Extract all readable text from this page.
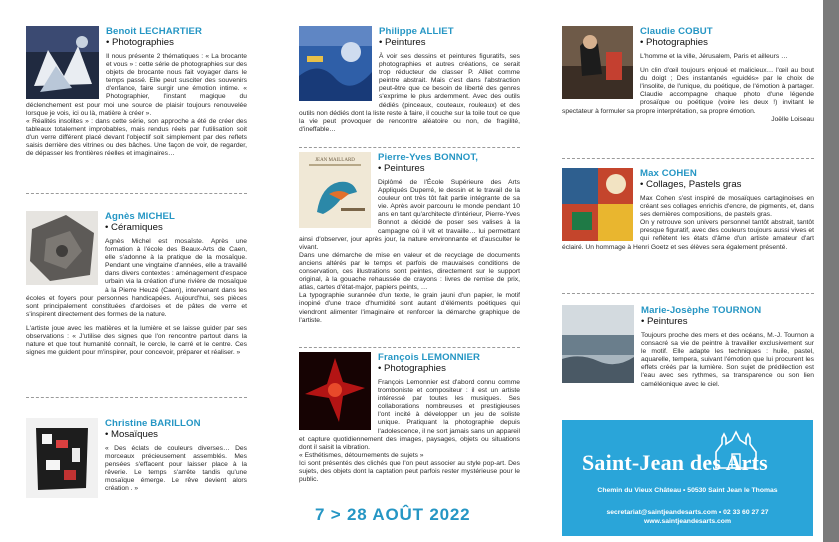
Benoit LECHARTIER
• Photographies

Il nous présente 2 thématiques : « La brocante et vous » : cette série de photographies sur des objets de brocante nous fait voyager dans le temps passé. Elle peut susciter des souvenirs d'enfance, faire surgir une émotion intime. « Photographier, l'instant magique du déclenchement est pour moi une source de plaisir toujours renouvelée lorsque je vois, ici ou là, matière à créer ».

« Réalités insolites » : dans cette série, son approche a été de créer des tableaux totalement improbables, mais rendus réels par l'utilisation soit d'un verre différent placé devant l'objectif soit simplement par des reflets saisis derrière des vitrines ou des bâches. Une façon de voir, de regarder, de dépasser les frontières réelles et imaginaires…

Agnès MICHEL
• Céramiques

Agnès Michel est mosaïste. Après une formation à l'école des Beaux-Arts de Caen, elle s'adonne à la pratique de la mosaïque. Pendant une vingtaine d'années, elle a travaillé dans divers contextes : aménagement d'espace urbain via la création d'une rivière de mosaïque à la Pierre Heuzé (Caen), intervenant dans les écoles et foyers pour personnes handicapées. Aujourd'hui, ses pièces sont principalement constituées d'ardoises et de pâtes de verre et s'inspirent directement des formes de la nature.

L'artiste joue avec les matières et la lumière et se laisse guider par ses observations : « J'utilise des signes que l'on rencontre partout dans la nature et que tout humanité connaît, le cercle, le carré et le centre. Ces signes me guident pour m'inspirer, pour concevoir, préparer et réaliser. »

Christine BARILLON
• Mosaïques

« Des éclats de couleurs diverses… Des morceaux précieusement assemblés. Mes pensées s'effacent pour laisser place à la rêverie. Le temps s'arrête tandis qu'une mosaïque émerge. Le rêve devient alors création . »

Philippe ALLIET
• Peintures

À voir ses dessins et peintures figuratifs, ses photographies et autres créations, ce serait trop réducteur de classer P. Alliet comme peintre abstrait. Mais c'est dans l'abstraction peut-être que ce besoin de liberté des genres s'exprime le plus ardemment. Avec des outils dédiés (pinceaux, couteaux, rouleaux) et des outils non dédiés dont la liste reste à faire, il couche sur la toile tout ce que la vie peut provoquer de rencontre aléatoire ou non, de fragilité, d'ineffable…

JEAN MAILLARD	Pierre-Yves BONNOT,
• Peintures

Diplômé de l'École Supérieure des Arts Appliqués Duperré, le dessin et le travail de la couleur ont très tôt fait partie intégrante de sa vie. Après avoir parcouru le monde pendant 10 ans en tant qu'architecte d'intérieur, Pierre-Yves Bonnot a décidé de poser ses valises à la campagne où il vit et travaille… lui permettant ainsi d'observer, jour après jour, la nature environnante et d'ausculter le vivant.

Dans une démarche de mise en valeur et de recyclage de documents anciens altérés par le temps et parfois de mauvaises conditions de conservation, ces illustrations sont peintes, directement sur le support original, à la gouache rehaussée de crayons : livres de remise de prix, atlas, cartes d'état-major, papiers peints, …

La typographie surannée d'un texte, le grain jauni d'un papier, le motif inopiné d'une trace d'humidité sont autant d'éléments poétiques qui viendront alimenter l'imaginaire et renforcer la démarche graphique de l'artiste.

François LEMONNIER
• Photographies

François Lemonnier est d'abord connu comme tromboniste et compositeur : il est un artiste intéressé par toutes les musiques. Ses collaborations nombreuses et prestigieuses l'ont incité à développer un jeu de soliste unique. Pratiquant la photographie depuis l'adolescence, il ne sort jamais sans un appareil et capture quotidiennement des images, paysages, objets ou situations dont il saisit la vibration.

« Esthétismes, détournements de sujets »

Ici sont présentés des clichés que l'on peut associer au style pop-art. Des sujets, des objets dont la captation peut parfois rester mystérieuse pour le public.

7 > 28 AOÛT 2022
Claudie COBUT
• Photographies

L'homme et la ville, Jérusalem, Paris et ailleurs …

Un clin d'œil toujours enjoué et malicieux… l'œil au bout du doigt ; Des instantanés «guidés» par le choix de l'insolite, de l'unique, du poétique, de l'émotion à partager. Claudie accompagne chaque photo d'une légende prosaïque ou poétique (voire les deux !) invitant le spectateur à formuler sa propre interprétation, sa propre émotion.

Joëlle Loiseau

Max COHEN
• Collages, Pastels gras

Max Cohen s'est inspiré de mosaïques cartaginoises en créant ses collages enrichis d'encre, de pigments, et, dans ses dernières compositions, de pastels gras.

On y retrouve son univers personnel tantôt abstrait, tantôt presque figuratif, avec des couleurs toujours aussi vives et qui reflètent les états d'âme d'un artiste amateur d'art éclairé. Un hommage à Henri Goetz et ses élèves sera également présenté.

Marie-Josèphe TOURNON
• Peintures

Toujours proche des mers et des océans, M.-J. Tournon a consacré sa vie de peintre à travailler exclusivement sur le motif. Elle adapte les techniques : huile, pastel, aquarelle, tempera, suivant l'émotion que lui procurent les effets créés par la lumière. Son sujet de prédilection est l'eau avec ses rythmes, sa transparence ou son lien caméléonique avec le ciel.

Saint-Jean des Arts
Chemin du Vieux Château • 50530 Saint Jean le Thomas
secretariat@saintjeandesarts.com • 02 33 60 27 27
www.saintjeandesarts.com
